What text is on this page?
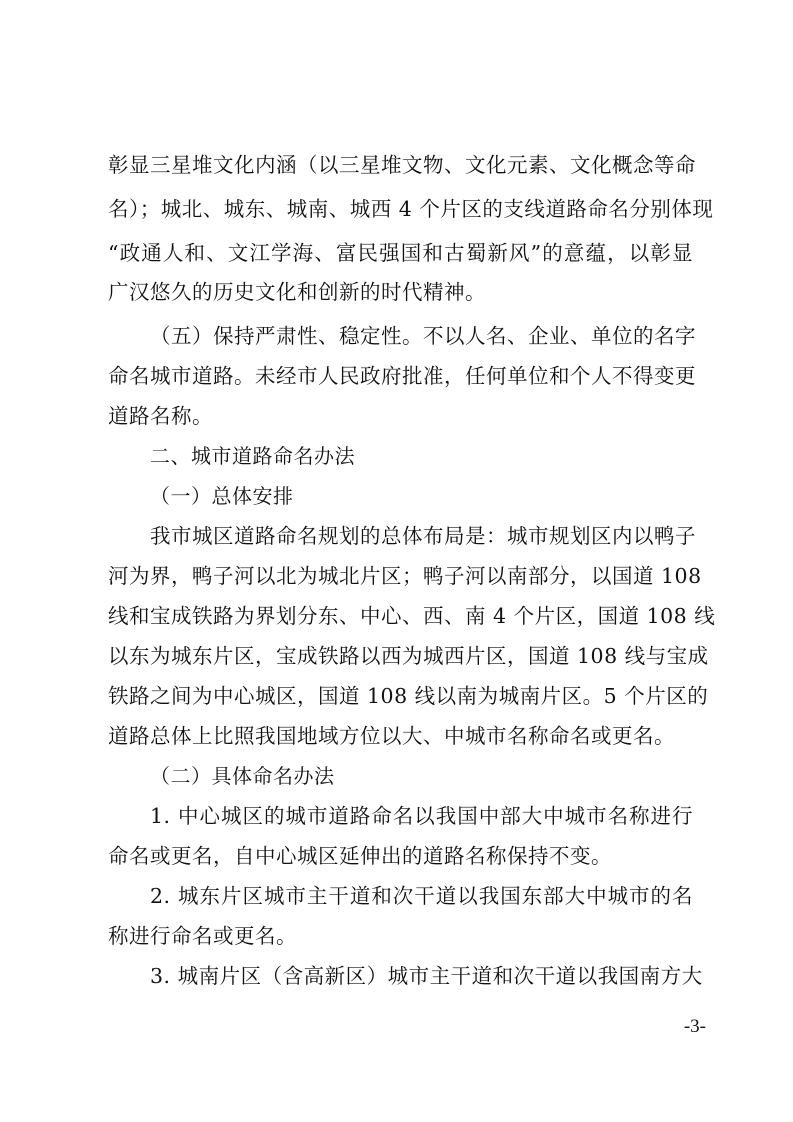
彰显三星堆文化内涵（以三星堆文物、文化元素、文化概念等命
名）；城北、城东、城南、城西 4 个片区的支线道路命名分别体现
“政通人和、文江学海、富民强国和古蜀新风”的意蕴，以彰显
广汉悠久的历史文化和创新的时代精神。
（五）保持严肃性、稳定性。不以人名、企业、单位的名字
命名城市道路。未经市人民政府批准，任何单位和个人不得变更
道路名称。
二、城市道路命名办法
（一）总体安排
我市城区道路命名规划的总体布局是：城市规划区内以鸭子
河为界，鸭子河以北为城北片区；鸭子河以南部分，以国道 108
线和宝成铁路为界划分东、中心、西、南 4 个片区，国道 108 线
以东为城东片区，宝成铁路以西为城西片区，国道 108 线与宝成
铁路之间为中心城区，国道 108 线以南为城南片区。5 个片区的
道路总体上比照我国地域方位以大、中城市名称命名或更名。
（二）具体命名办法
1. 中心城区的城市道路命名以我国中部大中城市名称进行
命名或更名，自中心城区延伸出的道路名称保持不变。
2. 城东片区城市主干道和次干道以我国东部大中城市的名
称进行命名或更名。
3. 城南片区（含高新区）城市主干道和次干道以我国南方大
-3-
